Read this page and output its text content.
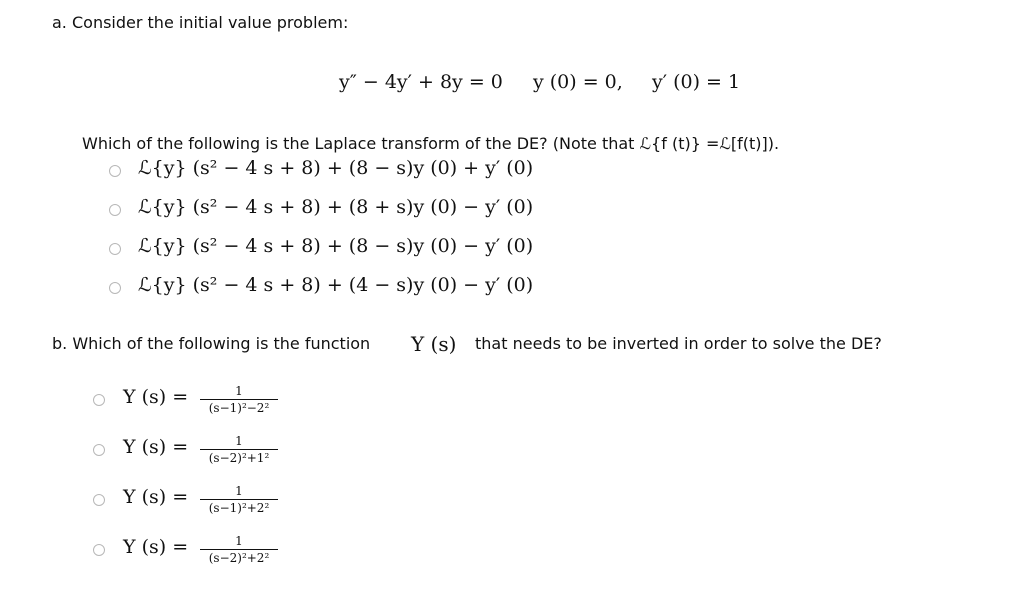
a. Consider the initial value problem:
y″ − 4y′ + 8y = 0 y (0) = 0, y′ (0) = 1
Which of the following is the Laplace transform of the DE? (Note that ℒ{f (t)} =ℒ[f(t)]).
ℒ{y} (s² − 4 s + 8) + (8 − s)y (0) + y′ (0)
ℒ{y} (s² − 4 s + 8) + (8 + s)y (0) − y′ (0)
ℒ{y} (s² − 4 s + 8) + (8 − s)y (0) − y′ (0)
ℒ{y} (s² − 4 s + 8) + (4 − s)y (0) − y′ (0)
b. Which of the following is the function Y (s) that needs to be inverted in order to solve the DE?
Y (s) =	1
(s−1)²−2²
Y (s) =	1
(s−2)²+1²
Y (s) =	1
(s−1)²+2²
Y (s) =	1
(s−2)²+2²
